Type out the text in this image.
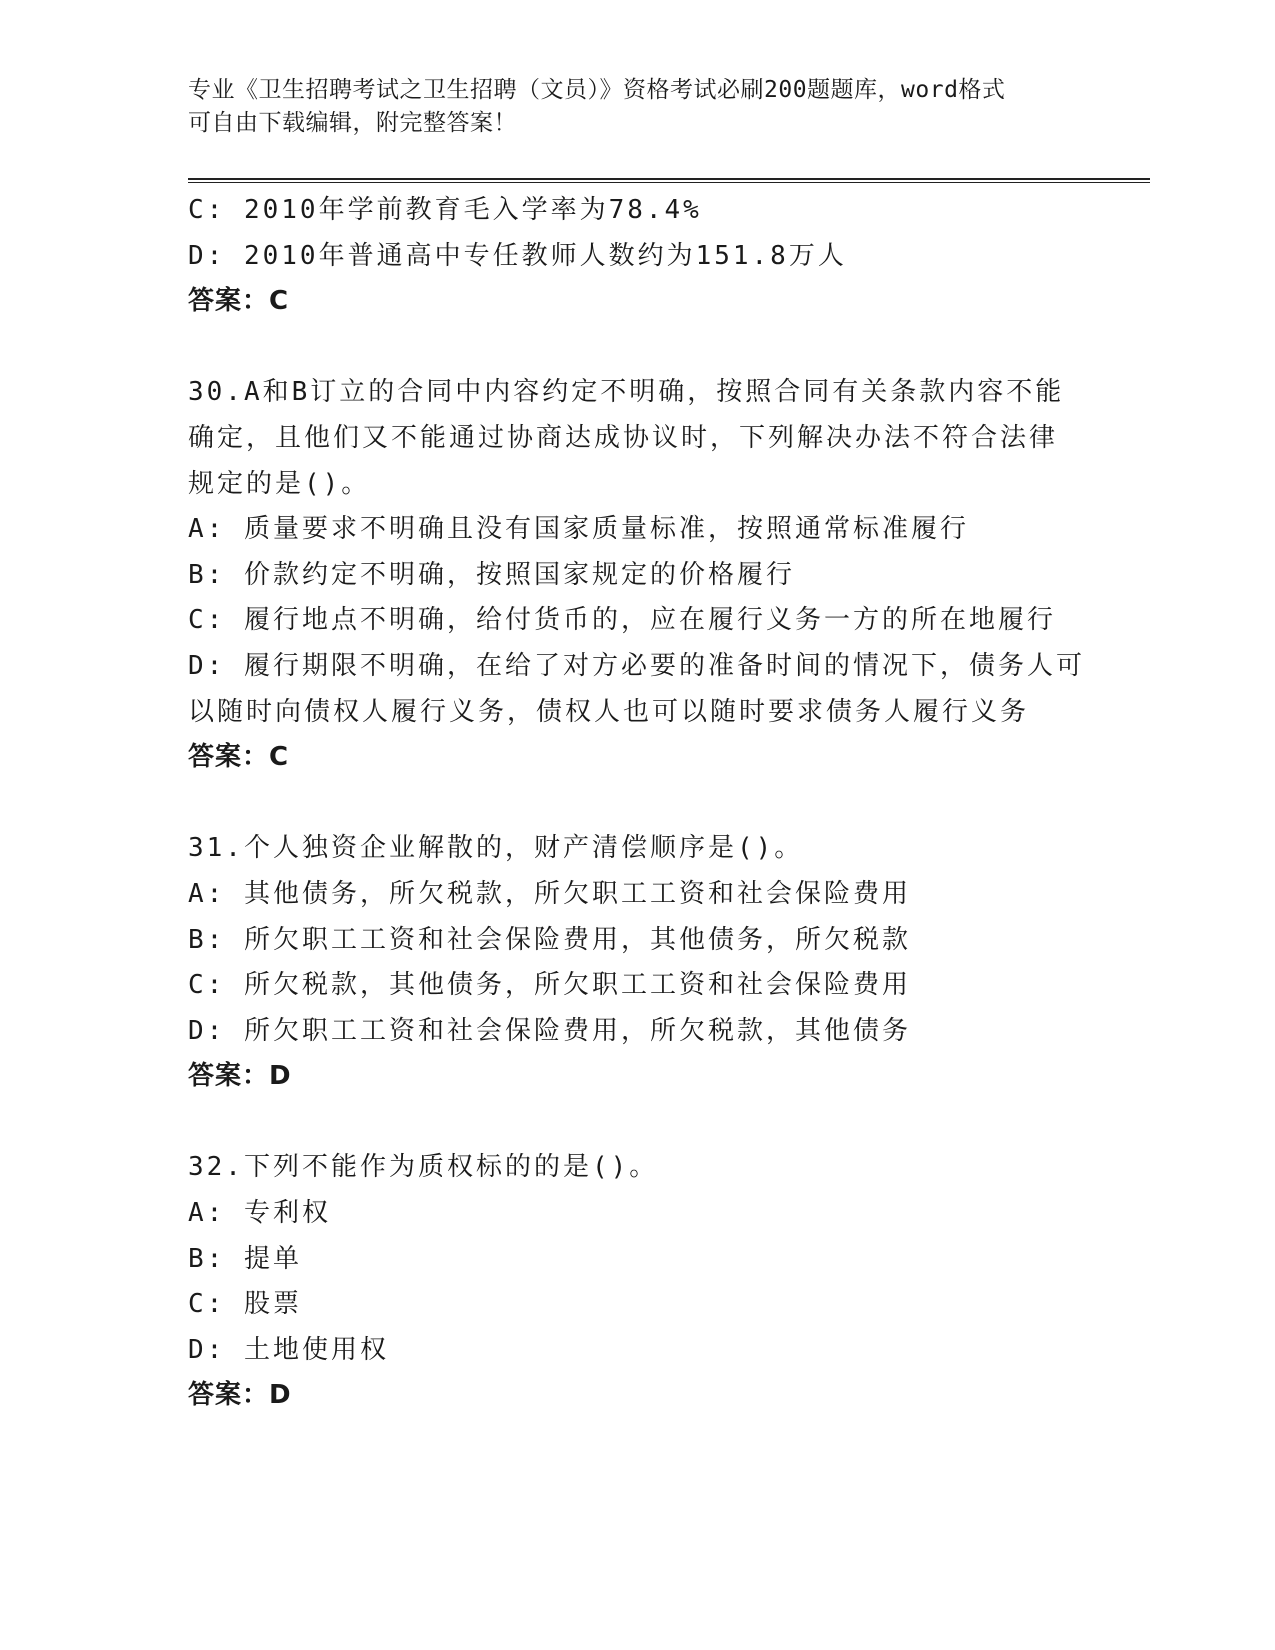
专业《卫生招聘考试之卫生招聘（文员）》资格考试必刷200题题库，word格式
可自由下载编辑，附完整答案！
C: 2010年学前教育毛入学率为78.4%
D: 2010年普通高中专任教师人数约为151.8万人
答案：C
30.A和B订立的合同中内容约定不明确，按照合同有关条款内容不能
确定，且他们又不能通过协商达成协议时，下列解决办法不符合法律
规定的是()。
A: 质量要求不明确且没有国家质量标准，按照通常标准履行
B: 价款约定不明确，按照国家规定的价格履行
C: 履行地点不明确，给付货币的，应在履行义务一方的所在地履行
D: 履行期限不明确，在给了对方必要的准备时间的情况下，债务人可
以随时向债权人履行义务，债权人也可以随时要求债务人履行义务
答案：C
31.个人独资企业解散的，财产清偿顺序是()。
A: 其他债务，所欠税款，所欠职工工资和社会保险费用
B: 所欠职工工资和社会保险费用，其他债务，所欠税款
C: 所欠税款，其他债务，所欠职工工资和社会保险费用
D: 所欠职工工资和社会保险费用，所欠税款，其他债务
答案：D
32.下列不能作为质权标的的是()。
A: 专利权
B: 提单
C: 股票
D: 土地使用权
答案：D
